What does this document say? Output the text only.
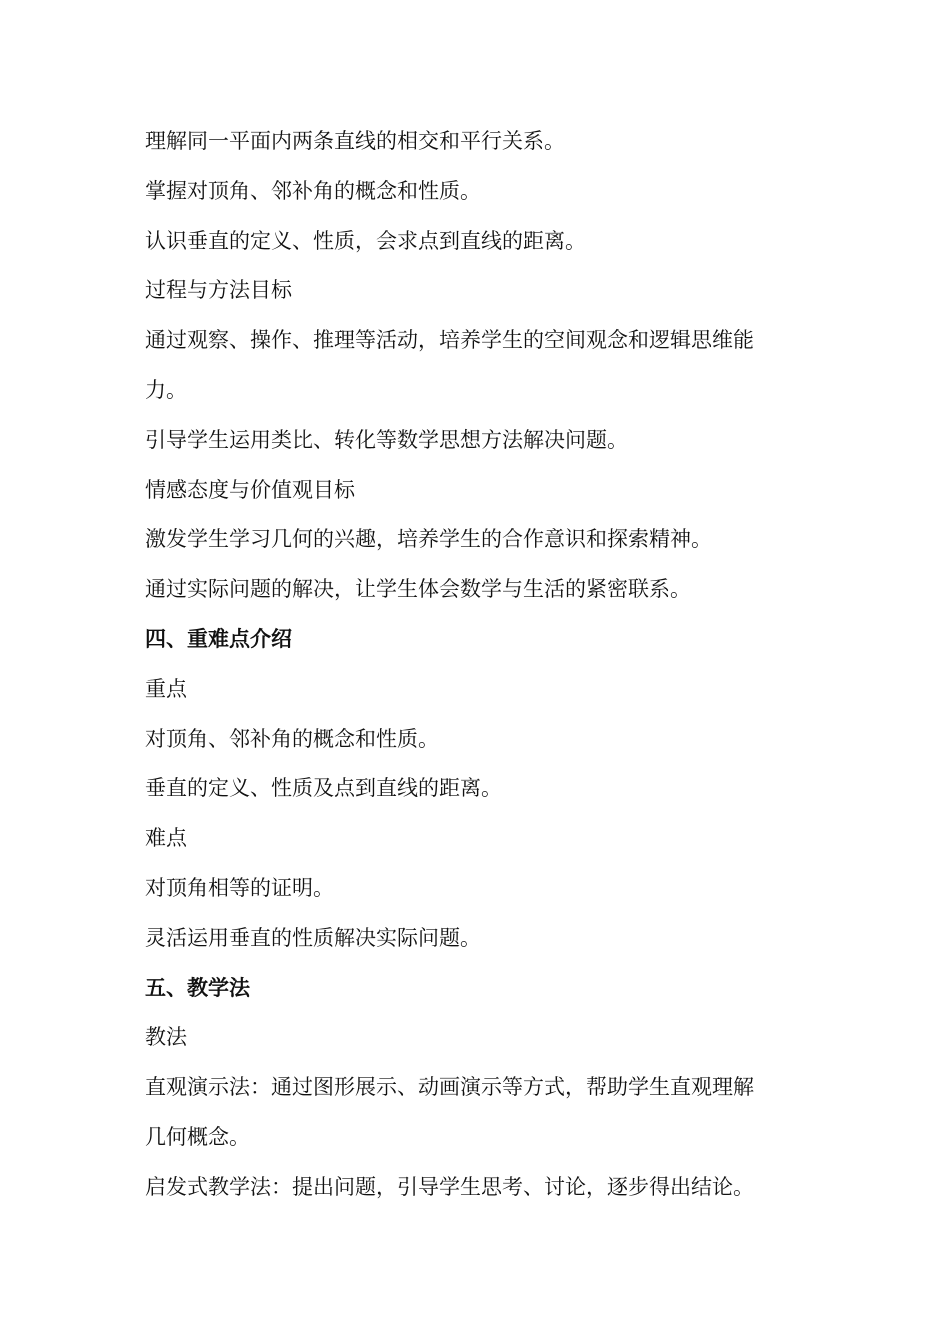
理解同一平面内两条直线的相交和平行关系。
掌握对顶角、邻补角的概念和性质。
认识垂直的定义、性质，会求点到直线的距离。
过程与方法目标
通过观察、操作、推理等活动，培养学生的空间观念和逻辑思维能
力。
引导学生运用类比、转化等数学思想方法解决问题。
情感态度与价值观目标
激发学生学习几何的兴趣，培养学生的合作意识和探索精神。
通过实际问题的解决，让学生体会数学与生活的紧密联系。
四、重难点介绍
重点
对顶角、邻补角的概念和性质。
垂直的定义、性质及点到直线的距离。
难点
对顶角相等的证明。
灵活运用垂直的性质解决实际问题。
五、教学法
教法
直观演示法：通过图形展示、动画演示等方式，帮助学生直观理解
几何概念。
启发式教学法：提出问题，引导学生思考、讨论，逐步得出结论。
